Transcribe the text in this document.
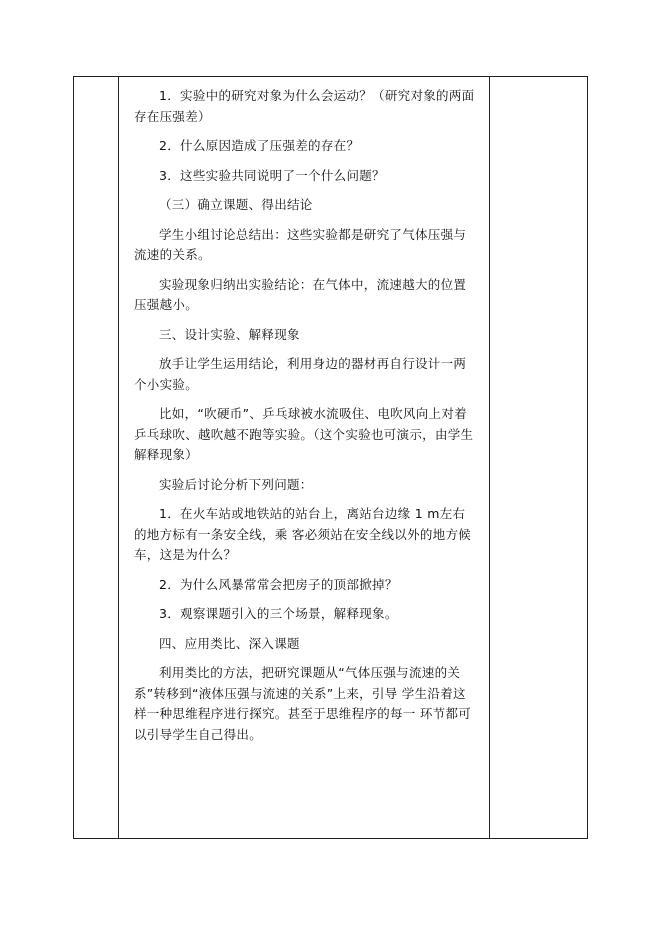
1．实验中的研究对象为什么会运动？（研究对象的两面存在压强差）

2．什么原因造成了压强差的存在？

3．这些实验共同说明了一个什么问题？

（三）确立课题、得出结论

学生小组讨论总结出：这些实验都是研究了气体压强与流速的关系。

实验现象归纳出实验结论：在气体中，流速越大的位置压强越小。

三、设计实验、解释现象

放手让学生运用结论，利用身边的器材再自行设计一两个小实验。

比如，“吹硬币”、乒乓球被水流吸住、电吹风向上对着乒乓球吹、越吹越不跑等实验。（这个实验也可演示，由学生解释现象）

实验后讨论分析下列问题：

1．在火车站或地铁站的站台上，离站台边缘 1 m左右的地方标有一条安全线，乘 客必须站在安全线以外的地方候车，这是为什么？

2．为什么风暴常常会把房子的顶部掀掉？

3．观察课题引入的三个场景，解释现象。

四、应用类比、深入课题

利用类比的方法，把研究课题从“气体压强与流速的关系”转移到“液体压强与流速的关系”上来，引导 学生沿着这样一种思维程序进行探究。甚至于思维程序的每一 环节都可以引导学生自己得出。
